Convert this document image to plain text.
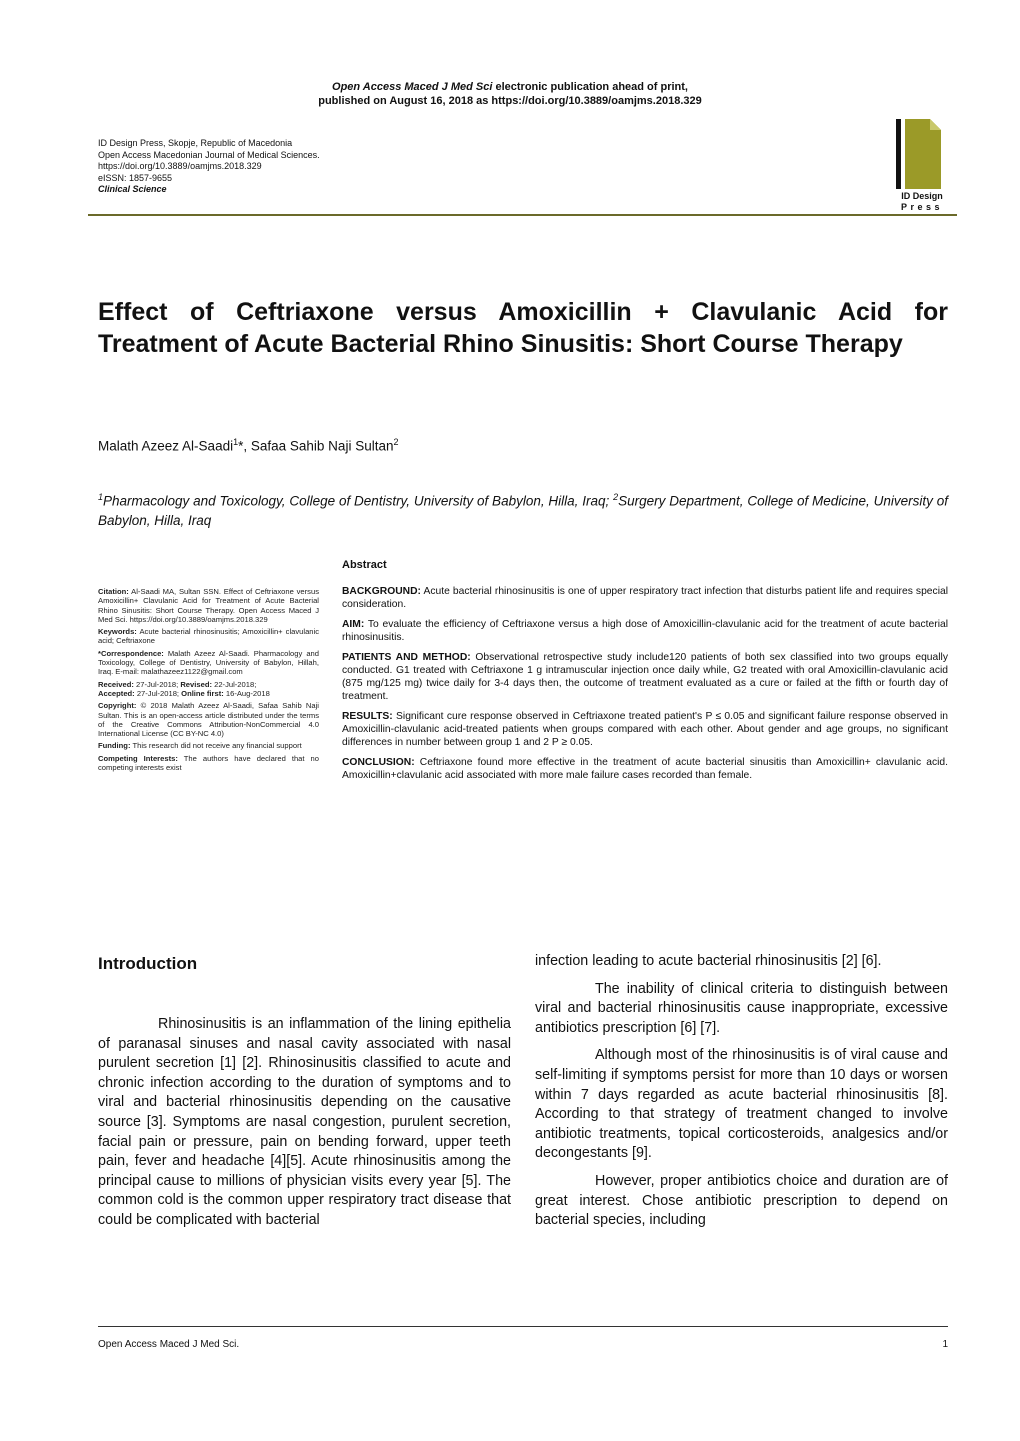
Open Access Maced J Med Sci electronic publication ahead of print,
published on August 16, 2018 as https://doi.org/10.3889/oamjms.2018.329
ID Design Press, Skopje, Republic of Macedonia
Open Access Macedonian Journal of Medical Sciences.
https://doi.org/10.3889/oamjms.2018.329
eISSN: 1857-9655
Clinical Science
ID Design
Press
Effect of Ceftriaxone versus Amoxicillin + Clavulanic Acid for Treatment of Acute Bacterial Rhino Sinusitis: Short Course Therapy
Malath Azeez Al-Saadi$^1$*, Safaa Sahib Naji Sultan$^2$
$^1$Pharmacology and Toxicology, College of Dentistry, University of Babylon, Hilla, Iraq; $^2$Surgery Department, College of Medicine, University of Babylon, Hilla, Iraq
Abstract

Citation: Al-Saadi MA, Sultan SSN. Effect of Ceftriaxone versus Amoxicillin+ Clavulanic Acid for Treatment of Acute Bacterial Rhino Sinusitis: Short Course Therapy. Open Access Maced J Med Sci. https://doi.org/10.3889/oamjms.2018.329

Keywords: Acute bacterial rhinosinusitis; Amoxicillin+ clavulanic acid; Ceftriaxone

*Correspondence: Malath Azeez Al-Saadi. Pharmacology and Toxicology, College of Dentistry, University of Babylon, Hillah, Iraq. E-mail: malathazeez1122@gmail.com

Received: 27-Jul-2018; Revised: 22-Jul-2018;
Accepted: 27-Jul-2018; Online first: 16-Aug-2018

Copyright: © 2018 Malath Azeez Al-Saadi, Safaa Sahib Naji Sultan. This is an open-access article distributed under the terms of the Creative Commons Attribution-NonCommercial 4.0 International License (CC BY-NC 4.0)

Funding: This research did not receive any financial support

Competing Interests: The authors have declared that no competing interests exist

BACKGROUND: Acute bacterial rhinosinusitis is one of upper respiratory tract infection that disturbs patient life and requires special consideration.

AIM: To evaluate the efficiency of Ceftriaxone versus a high dose of Amoxicillin-clavulanic acid for the treatment of acute bacterial rhinosinusitis.

PATIENTS AND METHOD: Observational retrospective study include120 patients of both sex classified into two groups equally conducted. G1 treated with Ceftriaxone 1 g intramuscular injection once daily while, G2 treated with oral Amoxicillin-clavulanic acid (875 mg/125 mg) twice daily for 3-4 days then, the outcome of treatment evaluated as a cure or failed at the fifth or fourth day of treatment.

RESULTS: Significant cure response observed in Ceftriaxone treated patient's P ≤ 0.05 and significant failure response observed in Amoxicillin-clavulanic acid-treated patients when groups compared with each other. About gender and age groups, no significant differences in number between group 1 and 2 P ≥ 0.05.

CONCLUSION: Ceftriaxone found more effective in the treatment of acute bacterial sinusitis than Amoxicillin+ clavulanic acid. Amoxicillin+clavulanic acid associated with more male failure cases recorded than female.

Introduction

Rhinosinusitis is an inflammation of the lining epithelia of paranasal sinuses and nasal cavity associated with nasal purulent secretion [1] [2]. Rhinosinusitis classified to acute and chronic infection according to the duration of symptoms and to viral and bacterial rhinosinusitis depending on the causative source [3]. Symptoms are nasal congestion, purulent secretion, facial pain or pressure, pain on bending forward, upper teeth pain, fever and headache [4][5]. Acute rhinosinusitis among the principal cause to millions of physician visits every year [5]. The common cold is the common upper respiratory tract disease that could be complicated with bacterial

infection leading to acute bacterial rhinosinusitis [2] [6].

The inability of clinical criteria to distinguish between viral and bacterial rhinosinusitis cause inappropriate, excessive antibiotics prescription [6] [7].

Although most of the rhinosinusitis is of viral cause and self-limiting if symptoms persist for more than 10 days or worsen within 7 days regarded as acute bacterial rhinosinusitis [8]. According to that strategy of treatment changed to involve antibiotic treatments, topical corticosteroids, analgesics and/or decongestants [9].

However, proper antibiotics choice and duration are of great interest. Chose antibiotic prescription to depend on bacterial species, including

Open Access Maced J Med Sci.	1
